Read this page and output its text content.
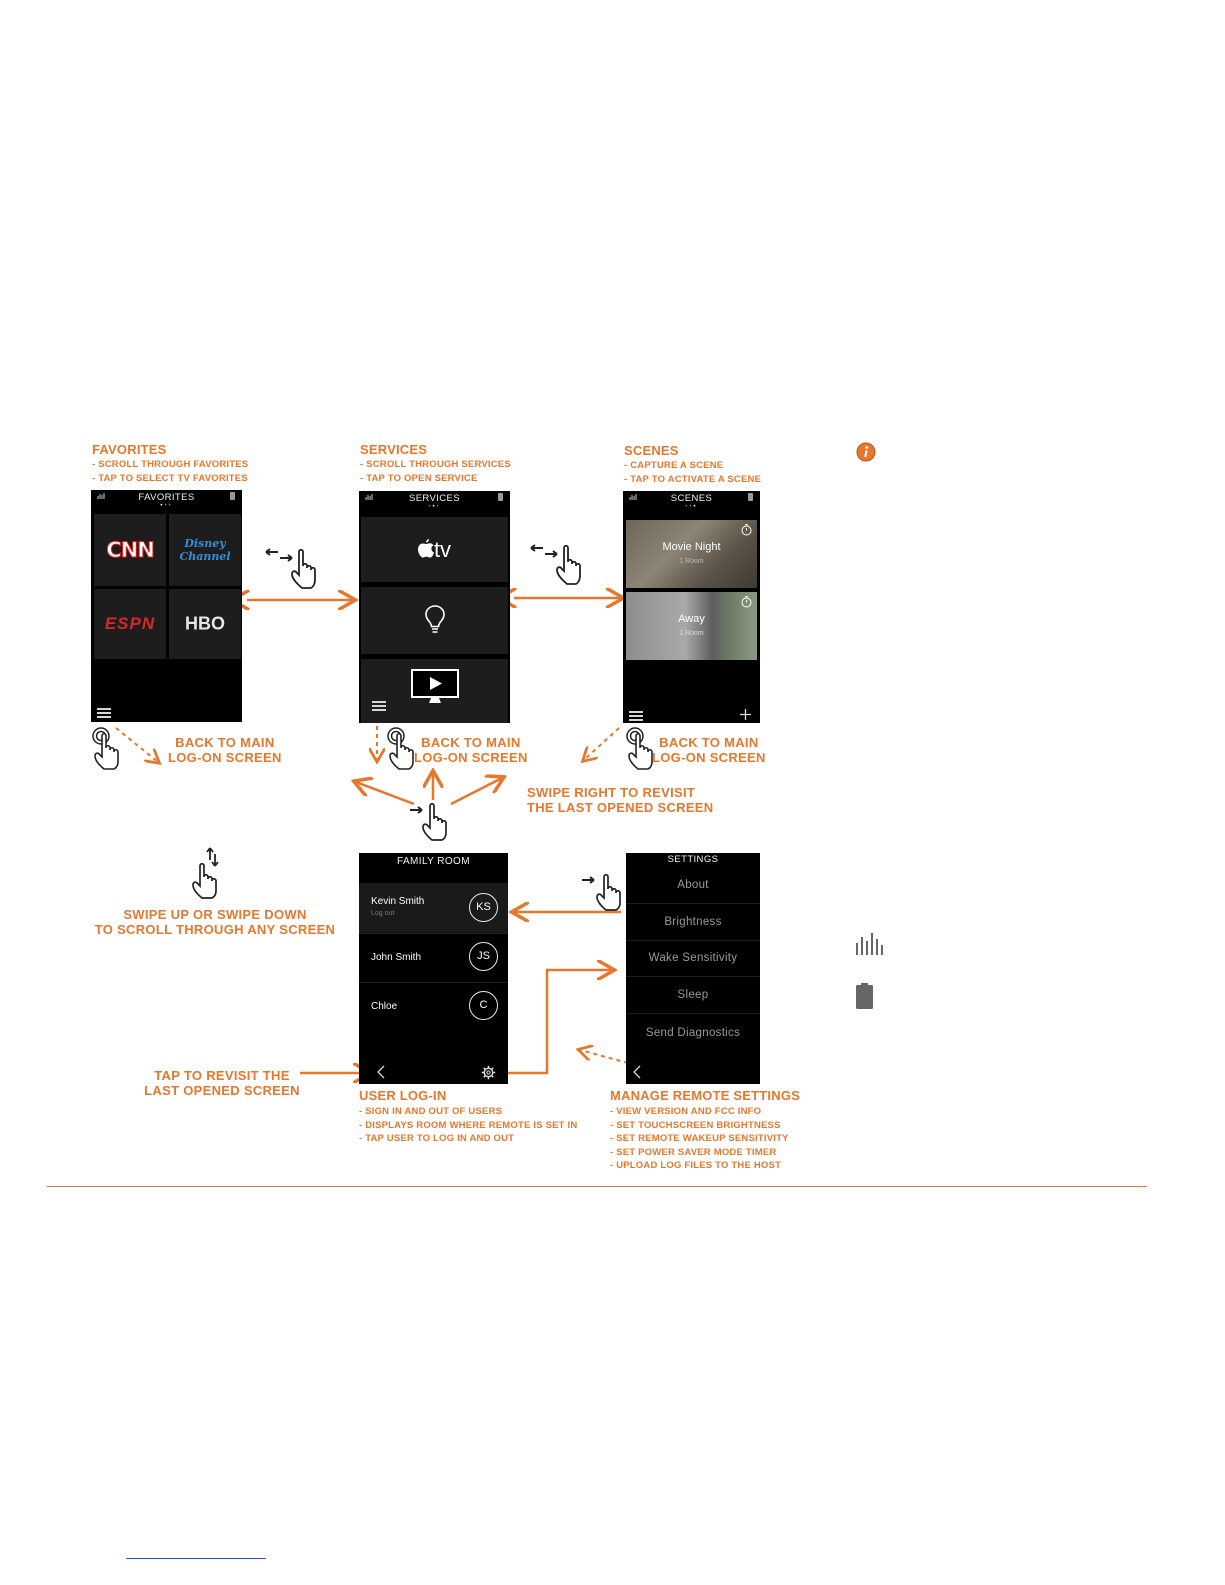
FAVORITES
- SCROLL THROUGH FAVORITES
- TAP TO SELECT TV FAVORITES
FAVORITES
•••
CNN	Disney Channel
ESPN	HBO
BACK TO MAIN
LOG-ON SCREEN
SERVICES
- SCROLL THROUGH SERVICES
- TAP TO OPEN SERVICE
SERVICES
•••
tv
BACK TO MAIN
LOG-ON SCREEN
SCENES
- CAPTURE A SCENE
- TAP TO ACTIVATE A SCENE
SCENES
•••
Movie Night
1 Room
Away
1 Room
BACK TO MAIN
LOG-ON SCREEN
SWIPE RIGHT TO REVISIT
THE LAST OPENED SCREEN
SWIPE UP OR SWIPE DOWN
TO SCROLL THROUGH ANY SCREEN
TAP TO REVISIT THE
LAST OPENED SCREEN
FAMILY ROOM
Kevin Smith
Log out
KS
John Smith	JS
Chloe	C
USER LOG-IN
- SIGN IN AND OUT OF USERS
- DISPLAYS ROOM WHERE REMOTE IS SET IN
- TAP USER TO LOG IN AND OUT
SETTINGS
About
Brightness
Wake Sensitivity
Sleep
Send Diagnostics
MANAGE REMOTE SETTINGS
- VIEW VERSION AND FCC INFO
- SET TOUCHSCREEN BRIGHTNESS
- SET REMOTE WAKEUP SENSITIVITY
- SET POWER SAVER MODE TIMER
- UPLOAD LOG FILES TO THE HOST
